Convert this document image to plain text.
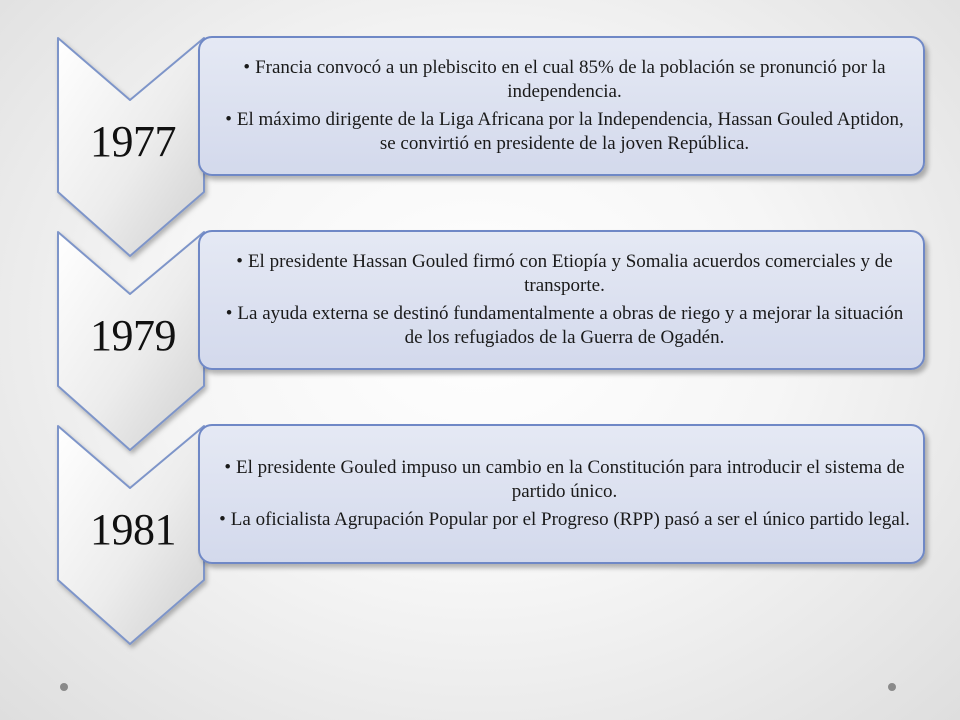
• Francia convocó a un plebiscito en el cual 85% de la población se pronunció por la independencia.
• El máximo dirigente de la Liga Africana por la Independencia, Hassan Gouled Aptidon, se convirtió en presidente de la joven República.
1977
• El presidente Hassan Gouled firmó con Etiopía y Somalia acuerdos comerciales y de transporte.
• La ayuda externa se destinó fundamentalmente a obras de riego y a mejorar la situación de los refugiados de la Guerra de Ogadén.
1979
• El presidente Gouled impuso un cambio en la Constitución para introducir el sistema de partido único.
• La oficialista Agrupación Popular por el Progreso (RPP) pasó a ser el único partido legal.
1981
